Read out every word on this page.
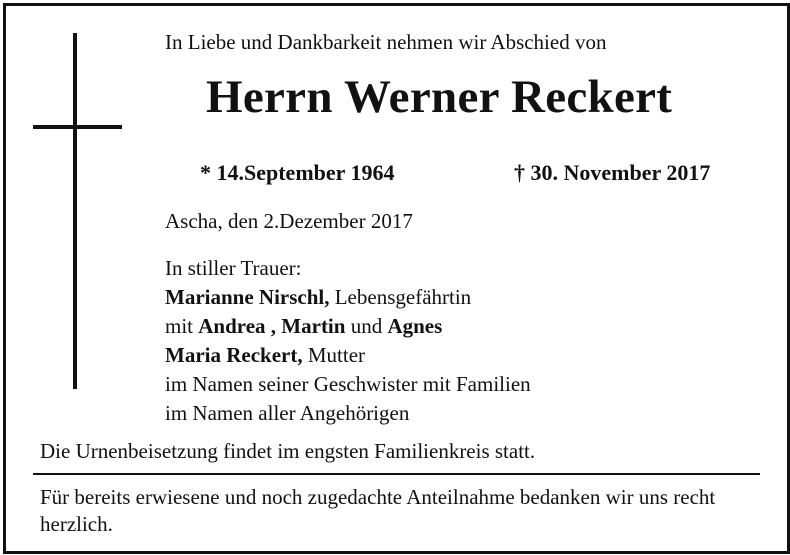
In Liebe und Dankbarkeit nehmen wir Abschied von
Herrn Werner Reckert
* 14.September 1964	† 30. November 2017
Ascha, den 2.Dezember 2017
In stiller Trauer:
Marianne Nirschl, Lebensgefährtin
mit Andrea , Martin und Agnes
Maria Reckert, Mutter
im Namen seiner Geschwister mit Familien
im Namen aller Angehörigen
Die Urnenbeisetzung findet im engsten Familienkreis statt.
Für bereits erwiesene und noch zugedachte Anteilnahme bedanken wir uns recht herzlich.
